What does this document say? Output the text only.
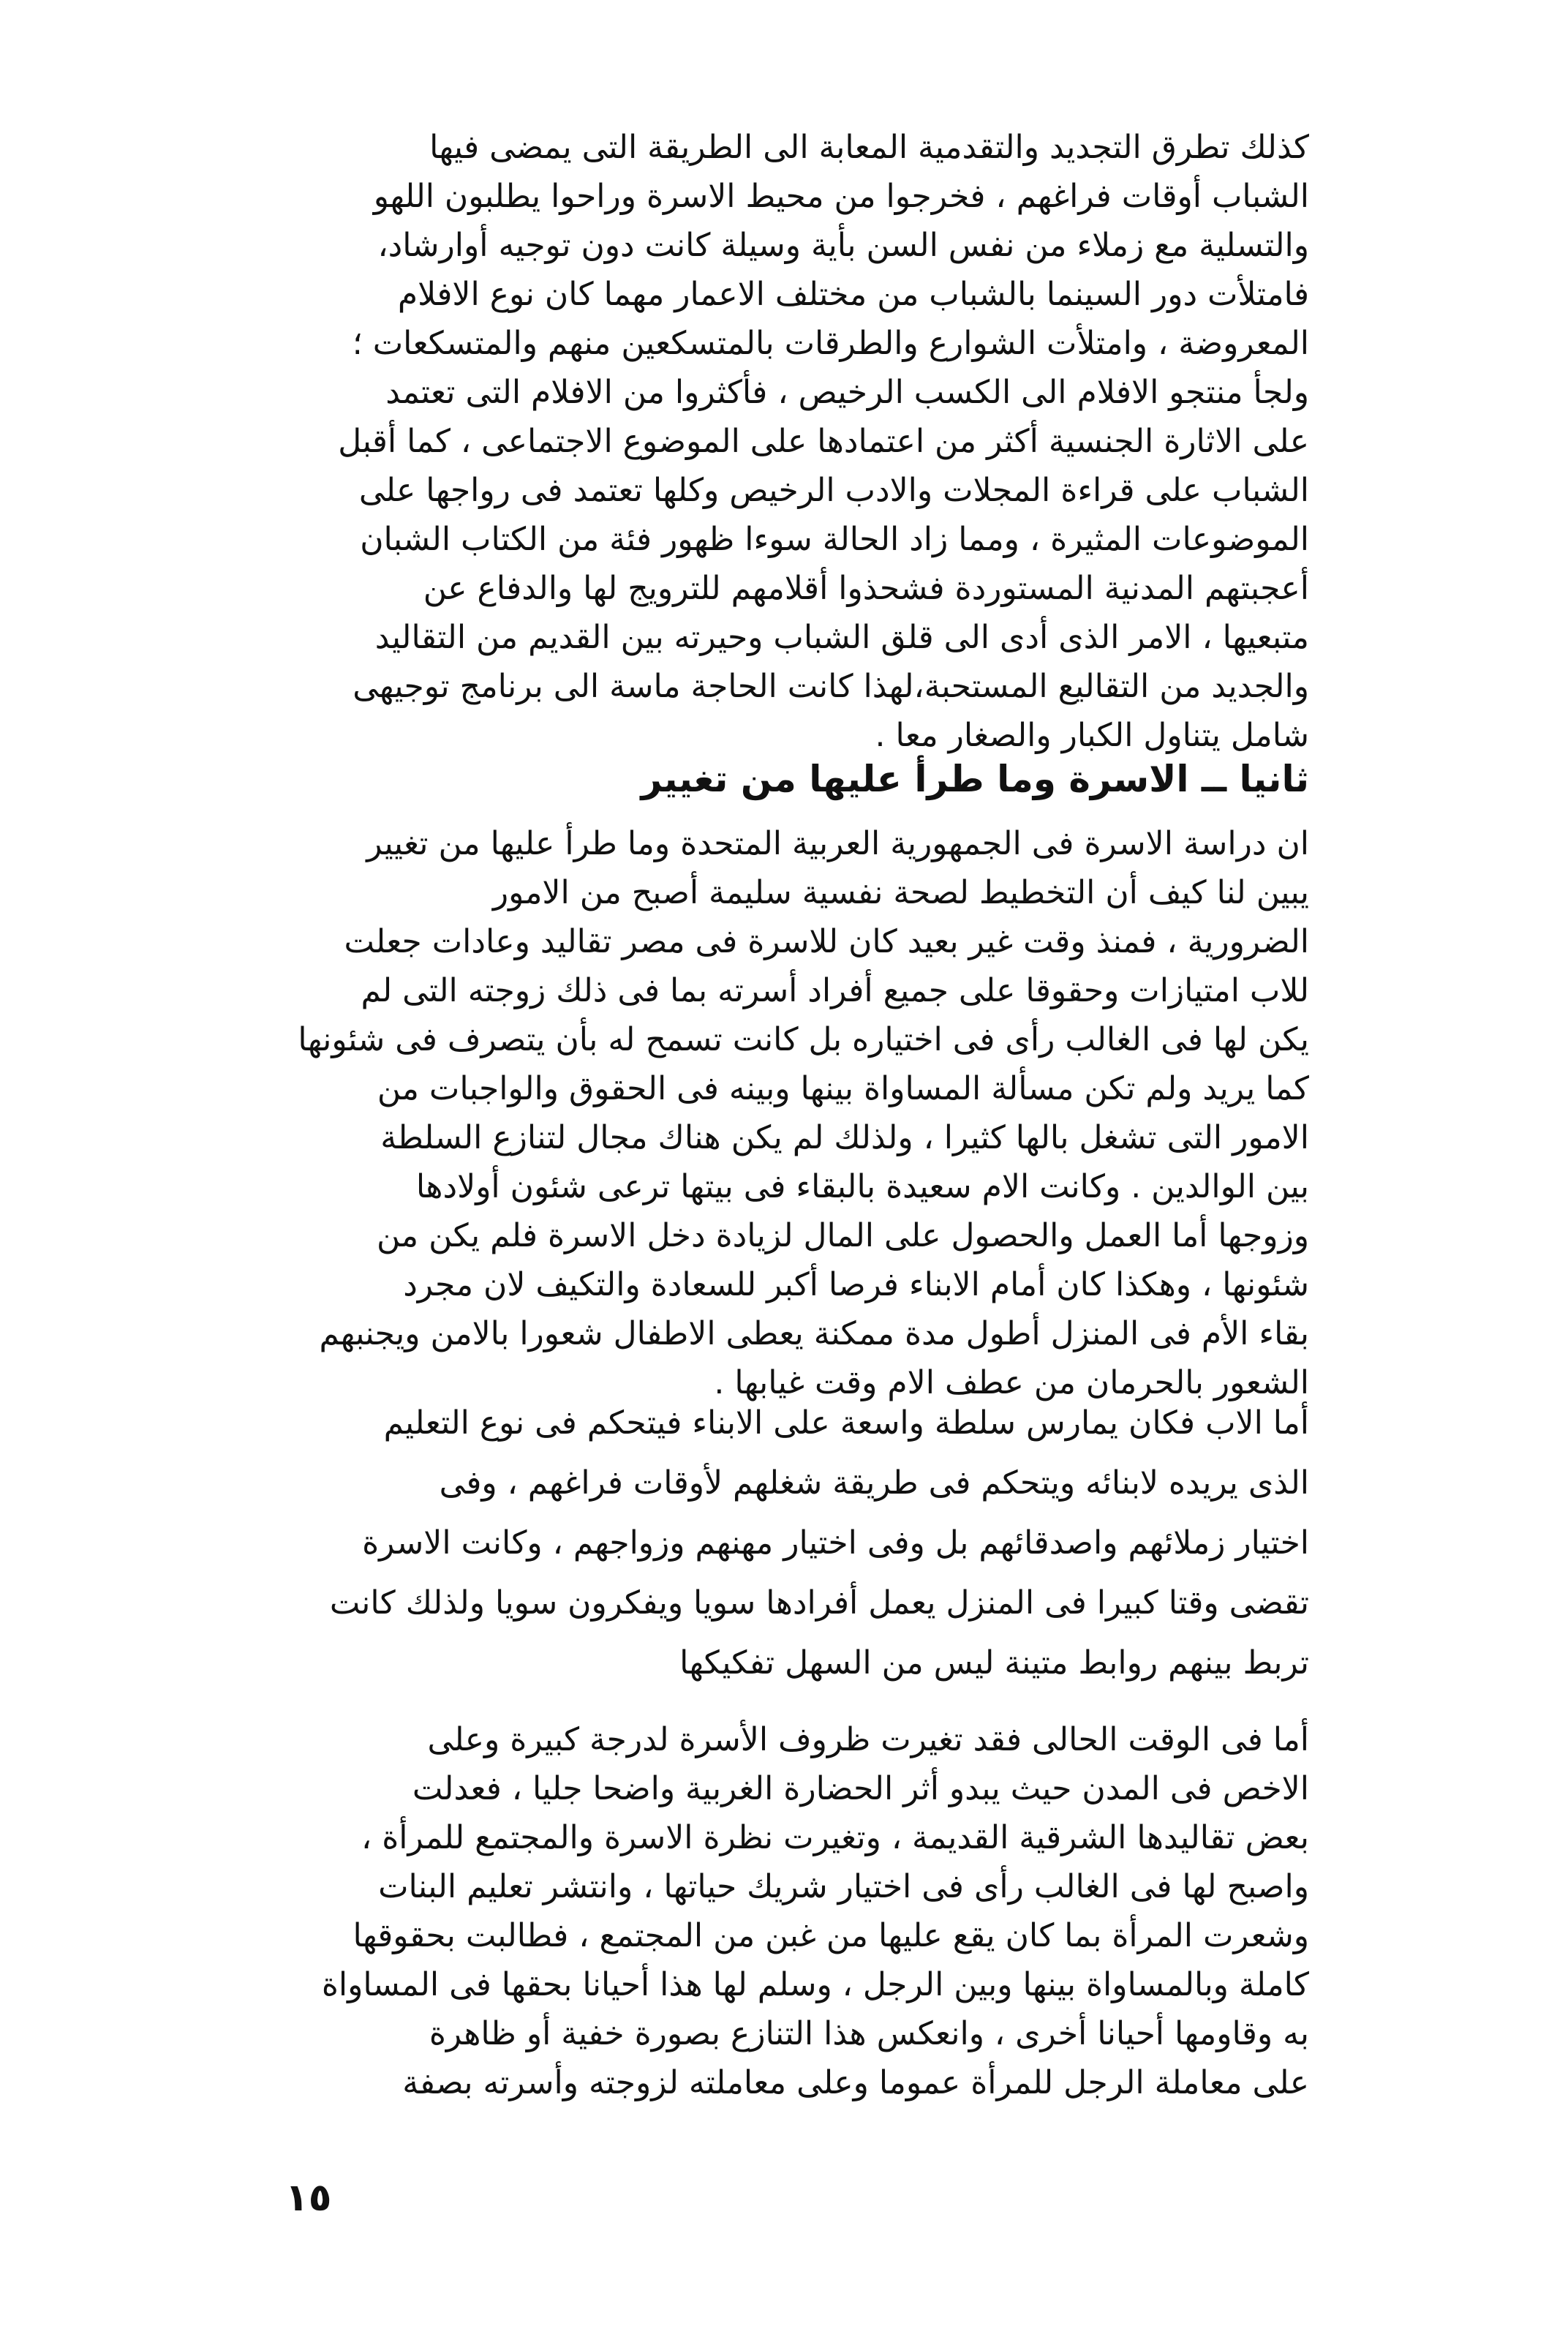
كذلك تطرق التجديد والتقدمية المعابة الى الطريقة التى يمضى فيها
الشباب أوقات فراغهم ، فخرجوا من محيط الاسرة وراحوا يطلبون اللهو
والتسلية مع زملاء من نفس السن بأية وسيلة كانت دون توجيه أوارشاد،
فامتلأت دور السينما بالشباب من مختلف الاعمار مهما كان نوع الافلام
المعروضة ، وامتلأت الشوارع والطرقات بالمتسكعين منهم والمتسكعات ؛
ولجأ منتجو الافلام الى الكسب الرخيص ، فأكثروا من الافلام التى تعتمد
على الاثارة الجنسية أكثر من اعتمادها على الموضوع الاجتماعى ، كما أقبل
الشباب على قراءة المجلات والادب الرخيص وكلها تعتمد فى رواجها على
الموضوعات المثيرة ، ومما زاد الحالة سوءا ظهور فئة من الكتاب الشبان
أعجبتهم المدنية المستوردة فشحذوا أقلامهم للترويج لها والدفاع عن
متبعيها ، الامر الذى أدى الى قلق الشباب وحيرته بين القديم من التقاليد
والجديد من التقاليع المستحبة،لهذا كانت الحاجة ماسة الى برنامج توجيهى
شامل يتناول الكبار والصغار معا .
ثانيا ــ الاسرة وما طرأ عليها من تغيير
ان دراسة الاسرة فى الجمهورية العربية المتحدة وما طرأ عليها من تغيير
يبين لنا كيف أن التخطيط لصحة نفسية سليمة أصبح من الامور
الضرورية ، فمنذ وقت غير بعيد كان للاسرة فى مصر تقاليد وعادات جعلت
للاب امتيازات وحقوقا على جميع أفراد أسرته بما فى ذلك زوجته التى لم
يكن لها فى الغالب رأى فى اختياره بل كانت تسمح له بأن يتصرف فى شئونها
كما يريد ولم تكن مسألة المساواة بينها وبينه فى الحقوق والواجبات من
الامور التى تشغل بالها كثيرا ، ولذلك لم يكن هناك مجال لتنازع السلطة
بين الوالدين . وكانت الام سعيدة بالبقاء فى بيتها ترعى شئون أولادها
وزوجها أما العمل والحصول على المال لزيادة دخل الاسرة فلم يكن من
شئونها ، وهكذا كان أمام الابناء فرصا أكبر للسعادة والتكيف لان مجرد
بقاء الأم فى المنزل أطول مدة ممكنة يعطى الاطفال شعورا بالامن ويجنبهم
الشعور بالحرمان من عطف الام وقت غيابها .
أما الاب فكان يمارس سلطة واسعة على الابناء فيتحكم فى نوع التعليم
الذى يريده لابنائه ويتحكم فى طريقة شغلهم لأوقات فراغهم ، وفى
اختيار زملائهم واصدقائهم بل وفى اختيار مهنهم وزواجهم ، وكانت الاسرة
تقضى وقتا كبيرا فى المنزل يعمل أفرادها سويا ويفكرون سويا ولذلك كانت
تربط بينهم روابط متينة ليس من السهل تفكيكها
أما فى الوقت الحالى فقد تغيرت ظروف الأسرة لدرجة كبيرة وعلى
الاخص فى المدن حيث يبدو أثر الحضارة الغربية واضحا جليا ، فعدلت
بعض تقاليدها الشرقية القديمة ، وتغيرت نظرة الاسرة والمجتمع للمرأة ،
واصبح لها فى الغالب رأى فى اختيار شريك حياتها ، وانتشر تعليم البنات
وشعرت المرأة بما كان يقع عليها من غبن من المجتمع ، فطالبت بحقوقها
كاملة وبالمساواة بينها وبين الرجل ، وسلم لها هذا أحيانا بحقها فى المساواة
به وقاومها أحيانا أخرى ، وانعكس هذا التنازع بصورة خفية أو ظاهرة
على معاملة الرجل للمرأة عموما وعلى معاملته لزوجته وأسرته بصفة
١٥
